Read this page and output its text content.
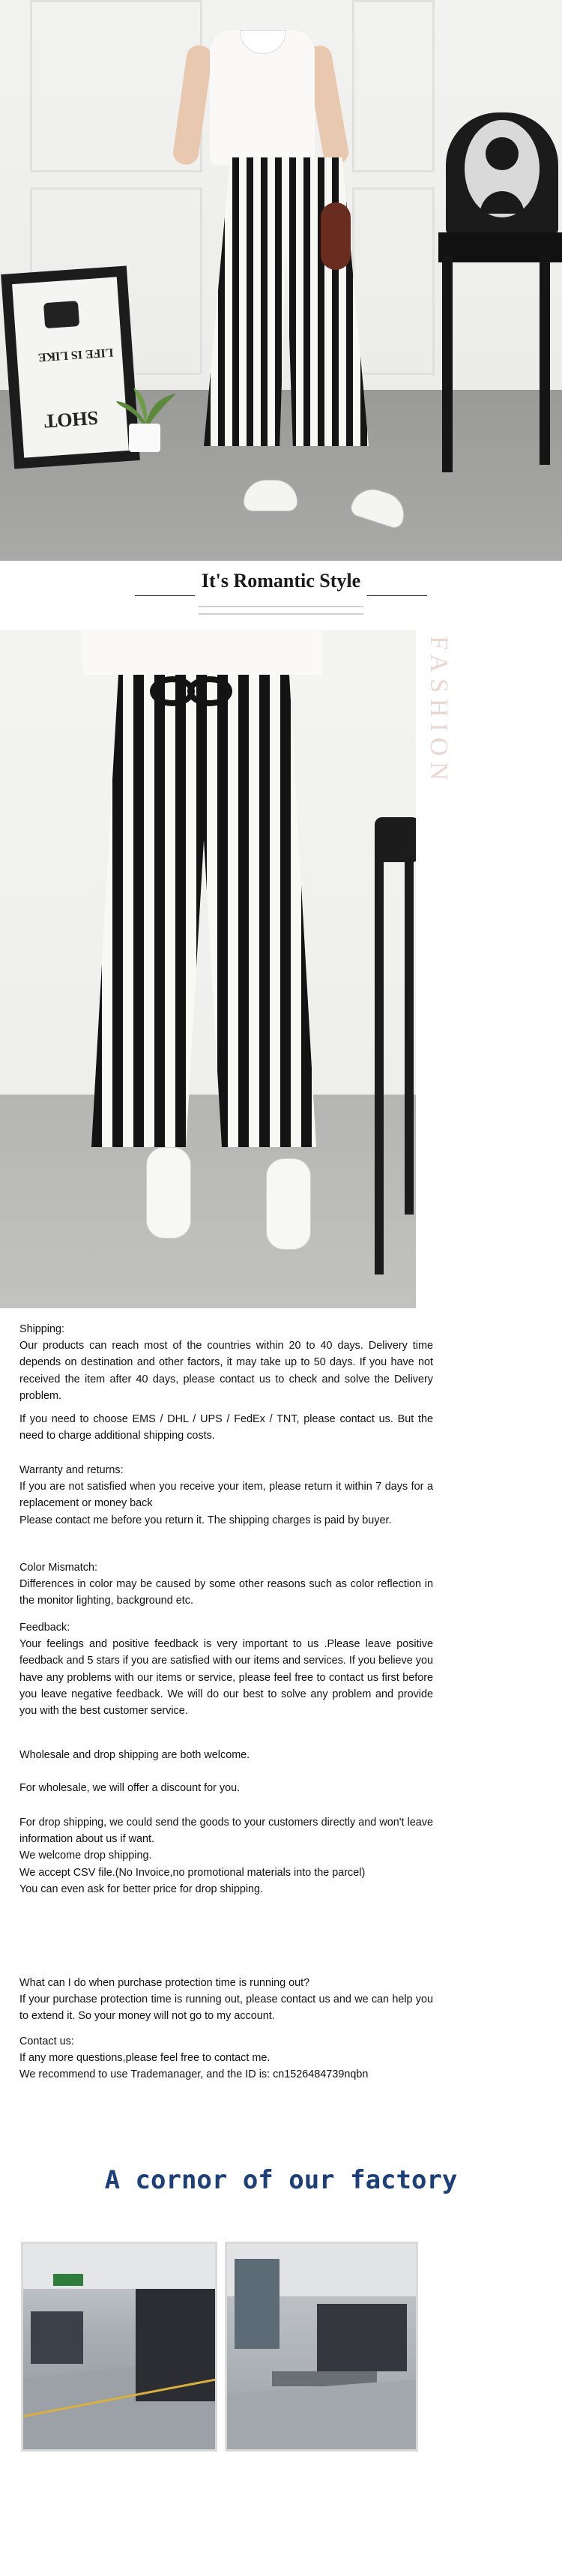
LIFE IS LIKE
SHOT
It's Romantic Style
FASHION
Shipping:
Our products can reach most of the countries within 20 to 40 days. Delivery time depends on destination and other factors, it may take up to 50 days. If you have not received the item after 40 days, please contact us to check and solve the Delivery problem.
If you need to choose EMS / DHL / UPS / FedEx / TNT, please contact us. But the need to charge additional shipping costs.
Warranty and returns:
If you are not satisfied when you receive your item, please return it within 7 days for a replacement or money back
Please contact me before you return it. The shipping charges is paid by buyer.
Color Mismatch:
Differences in color may be caused by some other reasons such as color reflection in the monitor lighting, background etc.
Feedback:
Your feelings and positive feedback is very important to us .Please leave positive feedback and 5 stars if you are satisfied with our items and services. If you believe you have any problems with our items or service, please feel free to contact us first before you leave negative feedback. We will do our best to solve any problem and provide you with the best customer service.
Wholesale and drop shipping are both welcome.
For wholesale, we will offer a discount for you.
For drop shipping, we could send the goods to your customers directly and won't leave information about us if want.
We welcome drop shipping.
We accept CSV file.(No Invoice,no promotional materials into the parcel)
You can even ask for better price for drop shipping.
What can I do when purchase protection time is running out?
If your purchase protection time is running out, please contact us and we can help you to extend it. So your money will not go to my account.
Contact us:
If any more questions,please feel free to contact me.
We recommend to use Trademanager, and the ID is: cn1526484739nqbn
A cornor of our factory
